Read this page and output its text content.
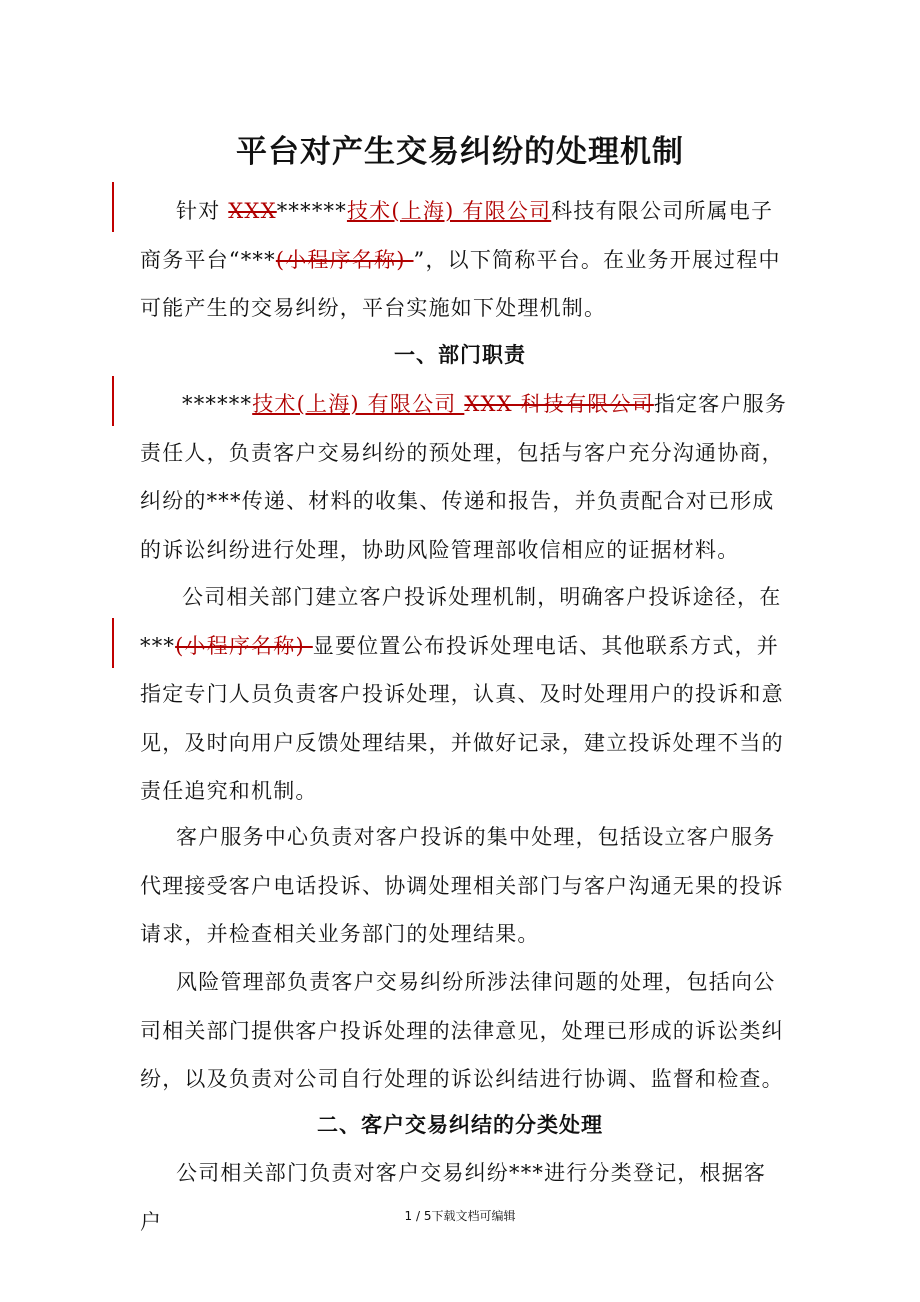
平台对产生交易纠纷的处理机制
针对 XXX******技术(上海) 有限公司科技有限公司所属电子商务平台“***(小程序名称) ”，以下简称平台。在业务开展过程中可能产生的交易纠纷，平台实施如下处理机制。
一、部门职责
******技术(上海) 有限公司 XXX 科技有限公司指定客户服务责任人，负责客户交易纠纷的预处理，包括与客户充分沟通协商，纠纷的***传递、材料的收集、传递和报告，并负责配合对已形成的诉讼纠纷进行处理，协助风险管理部收信相应的证据材料。
公司相关部门建立客户投诉处理机制，明确客户投诉途径，在***(小程序名称) 显要位置公布投诉处理电话、其他联系方式，并指定专门人员负责客户投诉处理，认真、及时处理用户的投诉和意见，及时向用户反馈处理结果，并做好记录，建立投诉处理不当的责任追究和机制。
客户服务中心负责对客户投诉的集中处理，包括设立客户服务代理接受客户电话投诉、协调处理相关部门与客户沟通无果的投诉请求，并检查相关业务部门的处理结果。
风险管理部负责客户交易纠纷所涉法律问题的处理，包括向公司相关部门提供客户投诉处理的法律意见，处理已形成的诉讼类纠纷，以及负责对公司自行处理的诉讼纠结进行协调、监督和检查。
二、客户交易纠结的分类处理
公司相关部门负责对客户交易纠纷***进行分类登记，根据客户	1 / 5下载文档可编辑
